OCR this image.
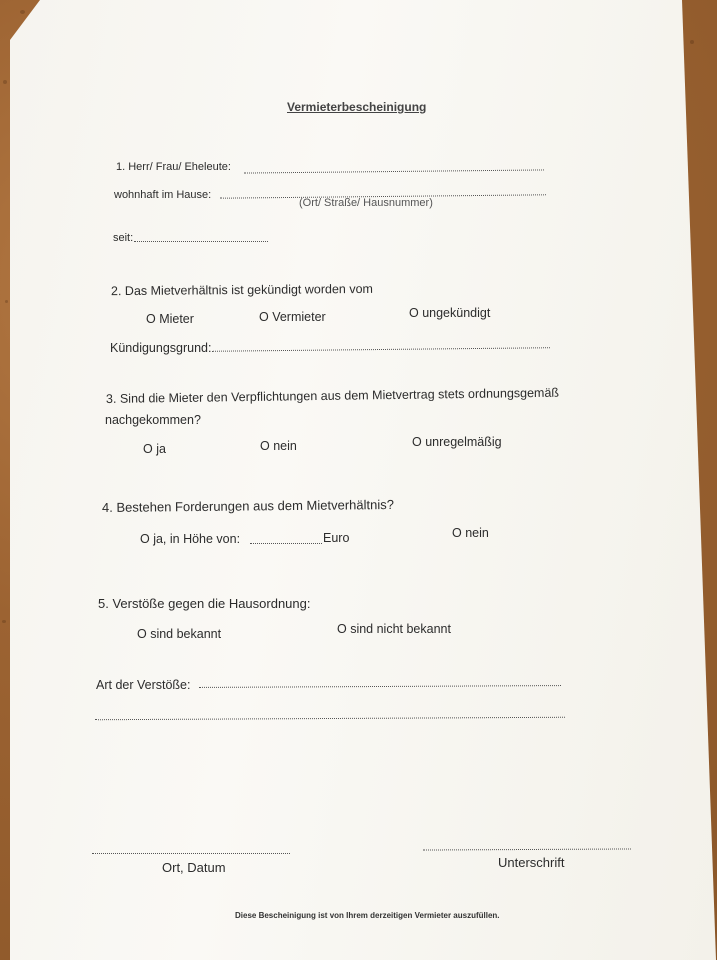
Vermieterbescheinigung
1. Herr/ Frau/ Eheleute:
wohnhaft im Hause:
(Ort/ Straße/ Hausnummer)
seit:
2. Das Mietverhältnis ist gekündigt worden vom
O Mieter	O Vermieter	O ungekündigt
Kündigungsgrund:
3. Sind die Mieter den Verpflichtungen aus dem Mietvertrag stets ordnungsgemäß
nachgekommen?
O ja	O nein	O unregelmäßig
4. Bestehen Forderungen aus dem Mietverhältnis?
O ja, in Höhe von:	Euro	O nein
5. Verstöße gegen die Hausordnung:
O sind bekannt	O sind nicht bekannt
Art der Verstöße:
Ort, Datum	Unterschrift
Diese Bescheinigung ist von Ihrem derzeitigen Vermieter auszufüllen.
